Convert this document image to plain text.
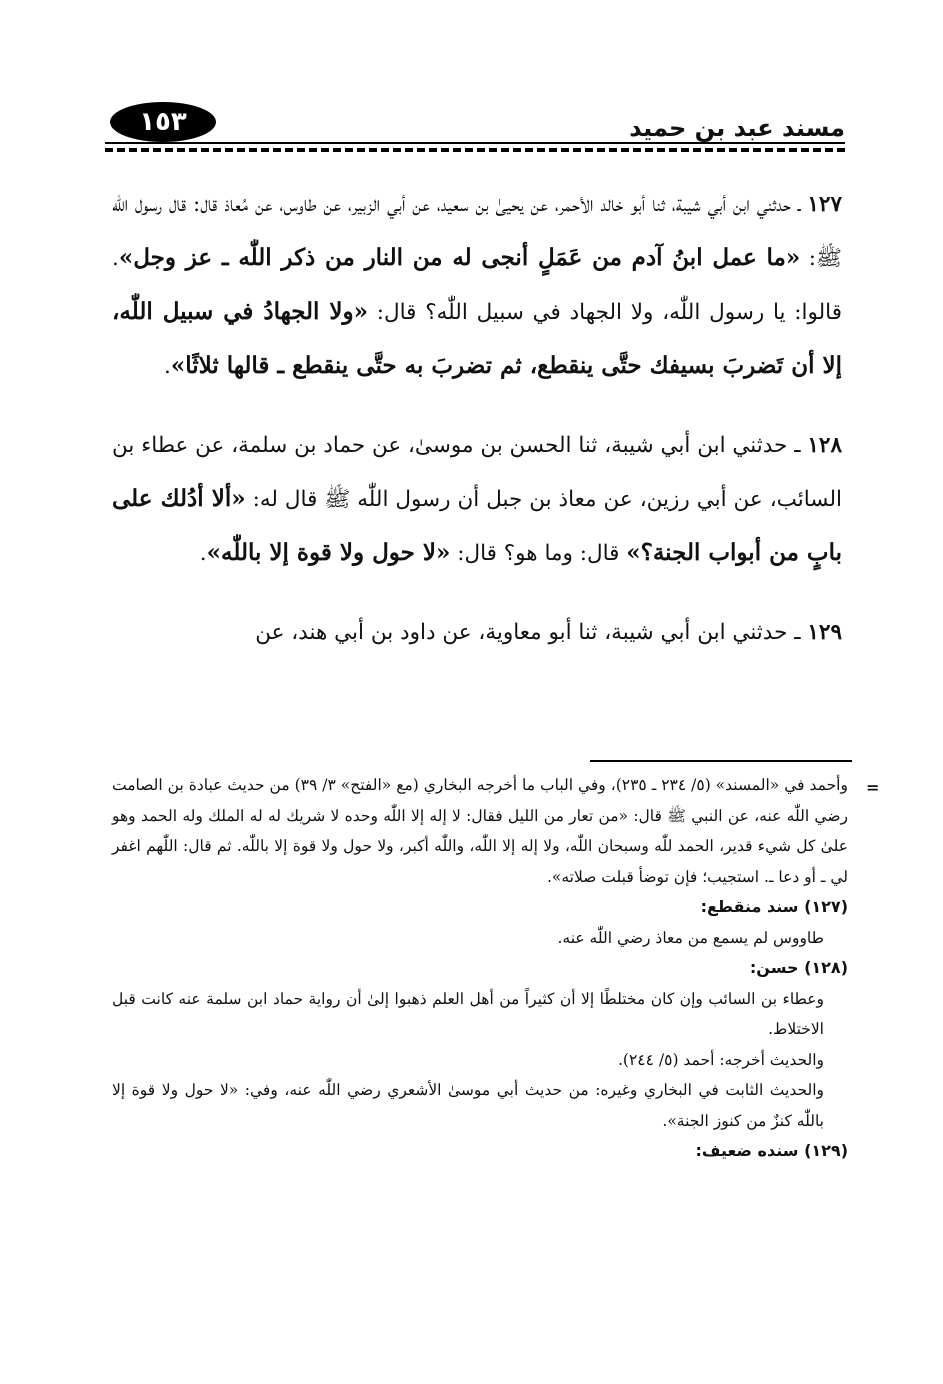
١٥٣	مسند عبد بن حميد

١٢٧ ـ حدثني ابن أبي شيبة، ثنا أبو خالد الأحمر، عن يحيىٰ بن سعيد، عن أبي الزبير، عن طاوس، عن مُعاذ قال: قال رسول اللّٰه ﷺ: «ما عمل ابنُ آدم من عَمَلٍ أنجى له من النار من ذكر اللّٰه ـ عز وجل». قالوا: يا رسول اللّٰه، ولا الجهاد في سبيل اللّٰه؟ قال: «ولا الجهادُ في سبيل اللّٰه، إلا أن تَضربَ بسيفك حتَّى ينقطع، ثم تضربَ به حتَّى ينقطع ـ قالها ثلاثًا».

١٢٨ ـ حدثني ابن أبي شيبة، ثنا الحسن بن موسىٰ، عن حماد بن سلمة، عن عطاء بن السائب، عن أبي رزين، عن معاذ بن جبل أن رسول اللّٰه ﷺ قال له: «ألا أدُلك على بابٍ من أبواب الجنة؟» قال: وما هو؟ قال: «لا حول ولا قوة إلا باللّٰه».

١٢٩ ـ حدثني ابن أبي شيبة، ثنا أبو معاوية، عن داود بن أبي هند، عن

=

وأحمد في «المسند» (٥/ ٢٣٤ ـ ٢٣٥)، وفي الباب ما أخرجه البخاري (مع «الفتح» ٣/ ٣٩) من حديث عبادة بن الصامت رضي اللّٰه عنه، عن النبي ﷺ قال: «من تعار من الليل فقال: لا إله إلا اللّٰه وحده لا شريك له له الملك وله الحمد وهو علىٰ كل شيء قدير، الحمد للّٰه وسبحان اللّٰه، ولا إله إلا اللّٰه، واللّٰه أكبر، ولا حول ولا قوة إلا باللّٰه. ثم قال: اللّٰهم اغفر لي ـ أو دعا ـ. استجيب؛ فإن توضأ قبلت صلاته».

(١٢٧) سند منقطع:

طاووس لم يسمع من معاذ رضي اللّٰه عنه.

(١٢٨) حسن:

وعطاء بن السائب وإن كان مختلطًا إلا أن كثيراً من أهل العلم ذهبوا إلىٰ أن رواية حماد ابن سلمة عنه كانت قبل الاختلاط.

والحديث أخرجه: أحمد (٥/ ٢٤٤).

والحديث الثابت في البخاري وغيره: من حديث أبي موسىٰ الأشعري رضي اللّٰه عنه، وفي: «لا حول ولا قوة إلا باللّٰه كنزٌ من كنوز الجنة».

(١٢٩) سنده ضعيف:
